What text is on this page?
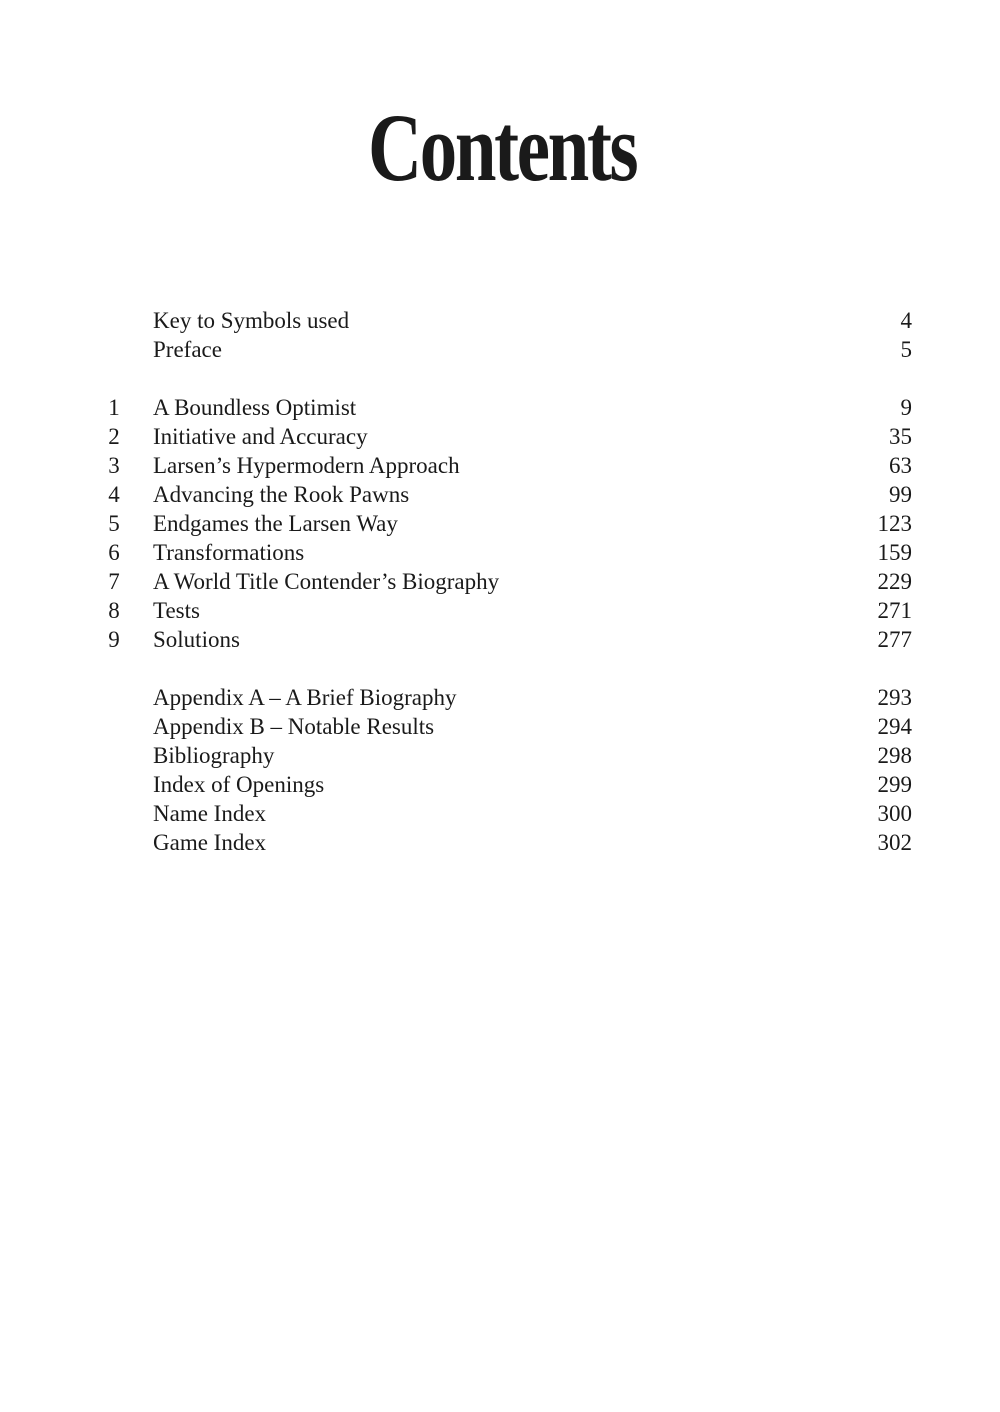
Contents
Key to Symbols used	4
Preface	5
1 A Boundless Optimist	9
2 Initiative and Accuracy	35
3 Larsen’s Hypermodern Approach	63
4 Advancing the Rook Pawns	99
5 Endgames the Larsen Way	123
6 Transformations	159
7 A World Title Contender’s Biography	229
8 Tests	271
9 Solutions	277
Appendix A – A Brief Biography	293
Appendix B – Notable Results	294
Bibliography	298
Index of Openings	299
Name Index	300
Game Index	302
